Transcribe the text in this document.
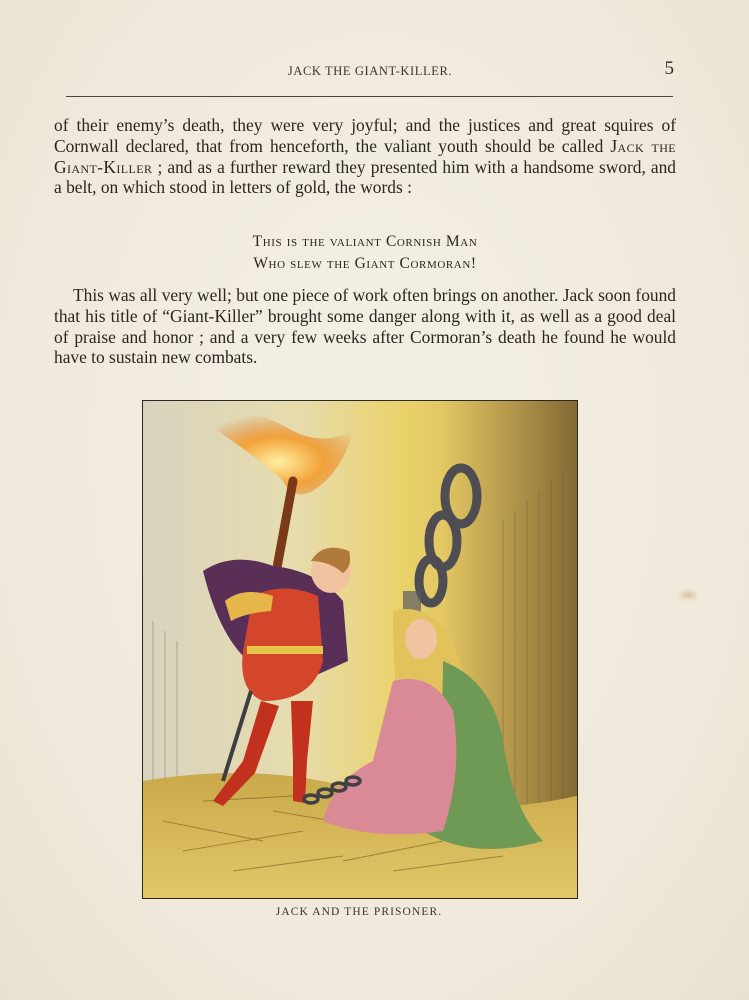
JACK THE GIANT-KILLER.	5

of their enemy’s death, they were very joyful; and the justices and great squires of Cornwall declared, that from henceforth, the valiant youth should be called Jack the Giant-Killer ; and as a further reward they presented him with a handsome sword, and a belt, on which stood in letters of gold, the words :

This is the valiant Cornish Man
Who slew the Giant Cormoran!

This was all very well; but one piece of work often brings on another. Jack soon found that his title of “Giant-Killer” brought some danger along with it, as well as a good deal of praise and honor ; and a very few weeks after Cormoran’s death he found he would have to sustain new combats.

JACK AND THE PRISONER.
